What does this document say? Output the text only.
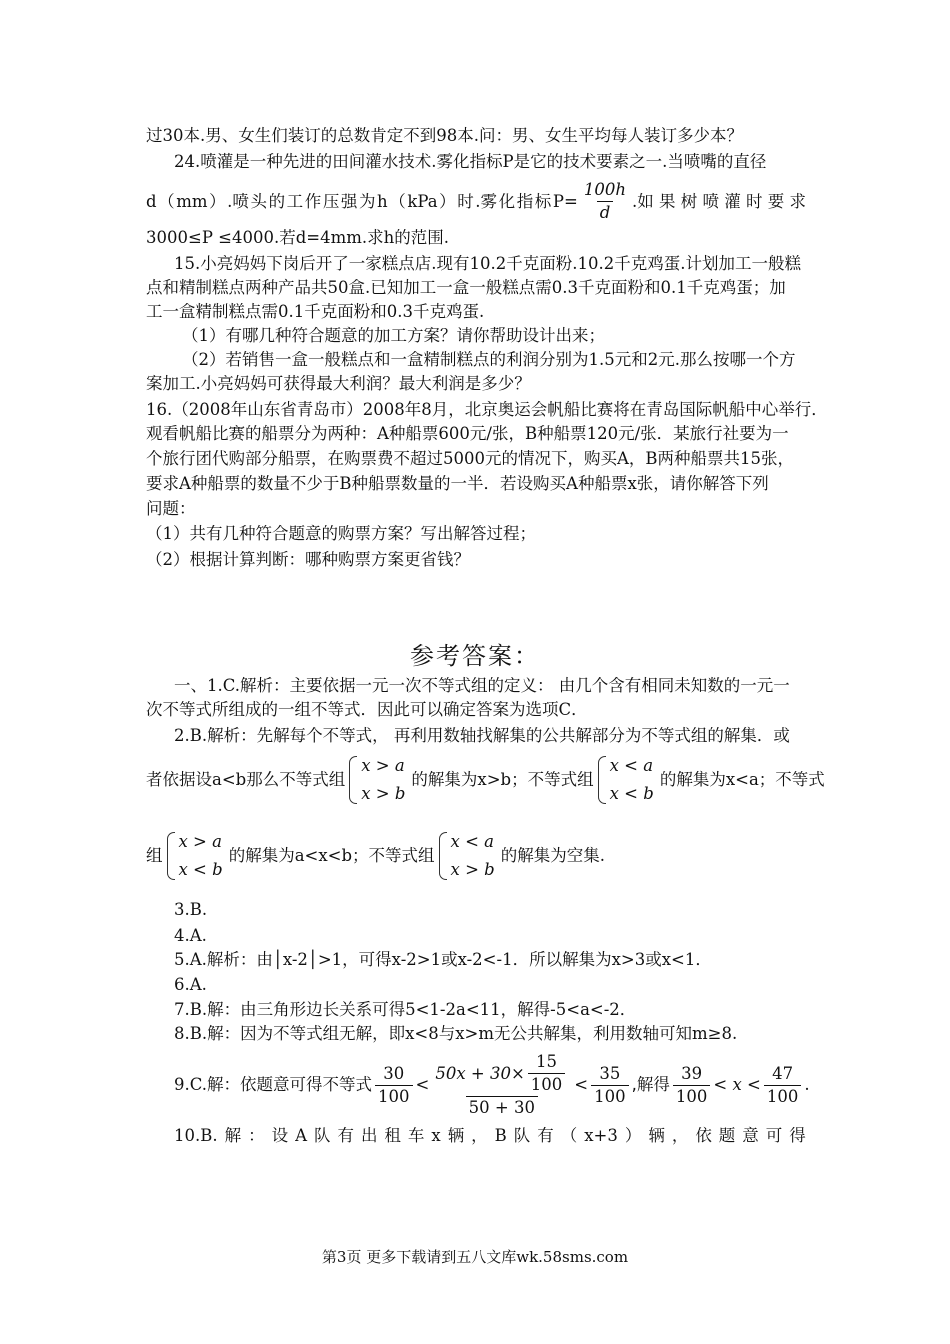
过30本.男、女生们装订的总数肯定不到98本.问：男、女生平均每人装订多少本？
24.喷灌是一种先进的田间灌水技术.雾化指标P是它的技术要素之一.当喷嘴的直径
d （ mm ） .喷 头 的 工 作 压 强 为 h （ kPa ） 时 .雾 化 指 标 $P= \frac{100h}{d}$ .如 果 树 喷 灌 时 要 求
3000≤P ≤4000.若d=4mm.求h的范围.
15.小亮妈妈下岗后开了一家糕点店.现有10.2千克面粉.10.2千克鸡蛋.计划加工一般糕
点和精制糕点两种产品共50盒.已知加工一盒一般糕点需0.3千克面粉和0.1千克鸡蛋；加
工一盒精制糕点需0.1千克面粉和0.3千克鸡蛋.
（1）有哪几种符合题意的加工方案？请你帮助设计出来；
（2）若销售一盒一般糕点和一盒精制糕点的利润分别为1.5元和2元.那么按哪一个方
案加工.小亮妈妈可获得最大利润？最大利润是多少？
16.（2008年山东省青岛市）2008年8月，北京奥运会帆船比赛将在青岛国际帆船中心举行．
观看帆船比赛的船票分为两种：A种船票600元/张，B种船票120元/张．某旅行社要为一
个旅行团代购部分船票，在购票费不超过5000元的情况下，购买A，B两种船票共15张，
要求A种船票的数量不少于B种船票数量的一半．若设购买A种船票x张，请你解答下列
问题：
（1）共有几种符合题意的购票方案？写出解答过程；
（2）根据计算判断：哪种购票方案更省钱？
参考答案：
一、1.C.解析：主要依据一元一次不等式组的定义： 由几个含有相同未知数的一元一
次不等式所组成的一组不等式．因此可以确定答案为选项C．
2.B.解析：先解每个不等式， 再利用数轴找解集的公共解部分为不等式组的解集．或
者依据设a<b那么不等式组
x > a
x > b
的解集为x>b；不等式组
x < a
x < b
的解集为x<a；不等式
组
x > a
x < b
的解集为a<x<b；不等式组
x < a
x > b
的解集为空集.
3.B.
4.A.
5.A.解析：由│x-2│>1，可得x-2>1或x-2<-1．所以解集为x>3或x<1．
6.A.
7.B.解：由三角形边长关系可得5<1-2a<11，解得-5<a<-2．
8.B.解：因为不等式组无解，即x<8与x>m无公共解集，利用数轴可知m≥8.
9.C.解：依题意可得不等式 $\frac{30}{100} < \frac{50x + 30\times \frac{15}{100}}{50 + 30} < \frac{35}{100}$ ,解得 $\frac{39}{100} < x < \frac{47}{100}$ .
10.B. 解 ： 设 A 队 有 出 租 车 x 辆 ， B 队 有 （ x+3 ） 辆 ， 依 题 意 可 得
第3页 更多下载请到五八文库wk.58sms.com
